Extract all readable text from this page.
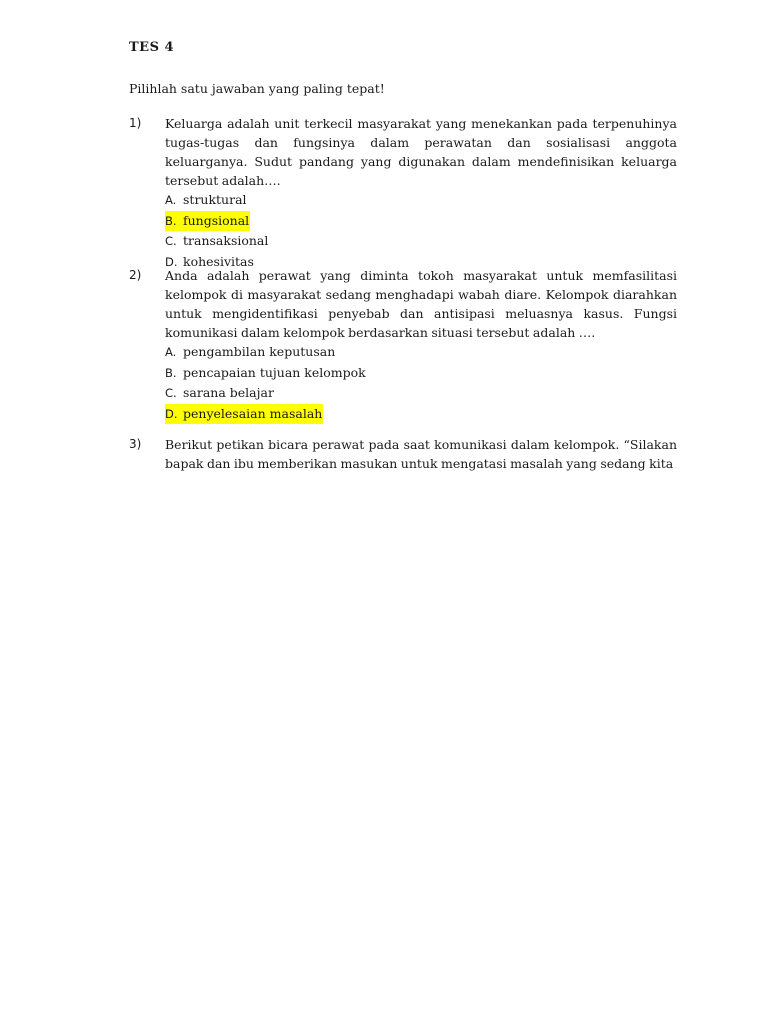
TES 4
Pilihlah satu jawaban yang paling tepat!
1) Keluarga adalah unit terkecil masyarakat yang menekankan pada terpenuhinya tugas-tugas dan fungsinya dalam perawatan dan sosialisasi anggota keluarganya. Sudut pandang yang digunakan dalam mendefinisikan keluarga tersebut adalah….

A. struktural
B. fungsional
C. transaksional
D. kohesivitas
2) Anda adalah perawat yang diminta tokoh masyarakat untuk memfasilitasi kelompok di masyarakat sedang menghadapi wabah diare. Kelompok diarahkan untuk mengidentifikasi penyebab dan antisipasi meluasnya kasus. Fungsi komunikasi dalam kelompok berdasarkan situasi tersebut adalah ….

A. pengambilan keputusan
B. pencapaian tujuan kelompok
C. sarana belajar
D. penyelesaian masalah
3) Berikut petikan bicara perawat pada saat komunikasi dalam kelompok. “Silakan bapak dan ibu memberikan masukan untuk mengatasi masalah yang sedang kita
